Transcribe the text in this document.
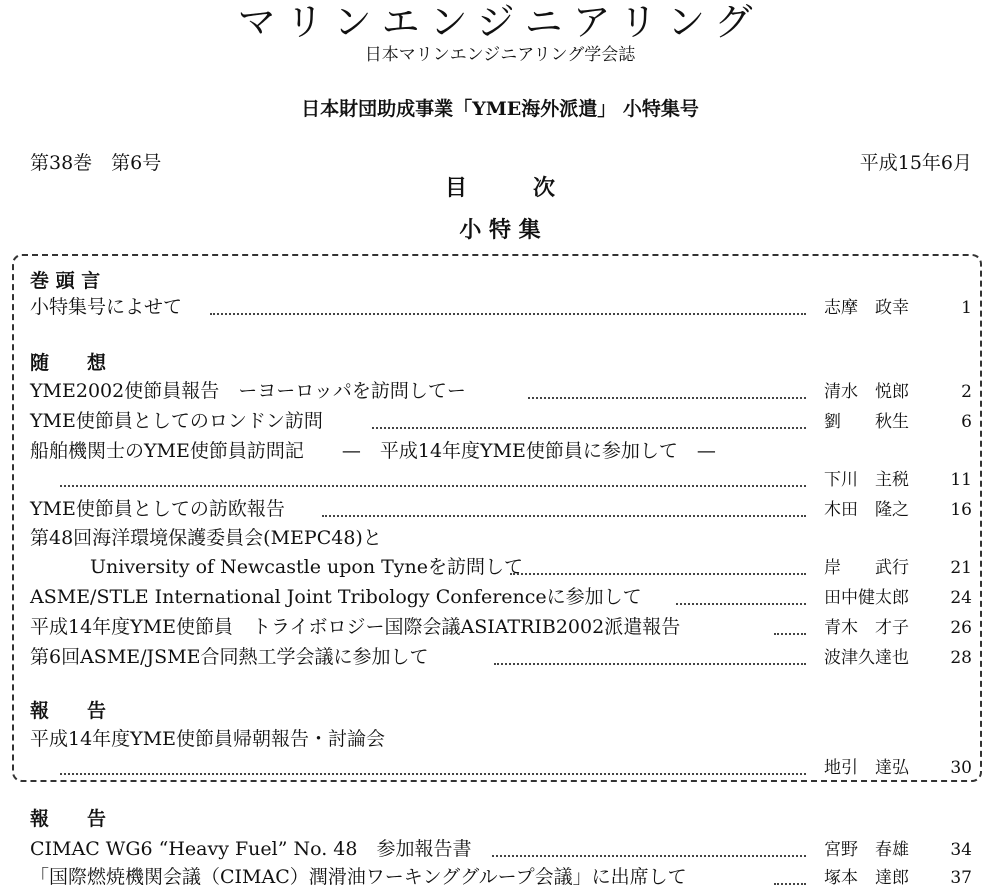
マリンエンジニアリング
日本マリンエンジニアリング学会誌
日本財団助成事業「YME海外派遣」 小特集号
第38巻　第6号	平成15年6月
目　　　次
小 特 集
巻 頭 言
小特集号によせて	志摩　政幸	1
随　　想
YME2002使節員報告　ーヨーロッパを訪問してー	清水　悦郎	2
YME使節員としてのロンドン訪問	劉　　秋生	6
船舶機関士のYME使節員訪問記　　—　平成14年度YME使節員に参加して　—
下川　主税	11
YME使節員としての訪欧報告	木田　隆之	16
第48回海洋環境保護委員会(MEPC48)と
University of Newcastle upon Tyneを訪問して	岸　　武行	21
ASME/STLE International Joint Tribology Conferenceに参加して	田中健太郎	24
平成14年度YME使節員　トライボロジー国際会議ASIATRIB2002派遣報告	青木　才子	26
第6回ASME/JSME合同熱工学会議に参加して	波津久達也	28
報　　告
平成14年度YME使節員帰朝報告・討論会
地引　達弘	30
報　　告
CIMAC WG6 “Heavy Fuel” No. 48　参加報告書	宮野　春雄	34
「国際燃焼機関会議（CIMAC）潤滑油ワーキンググループ会議」に出席して	塚本　達郎	37
